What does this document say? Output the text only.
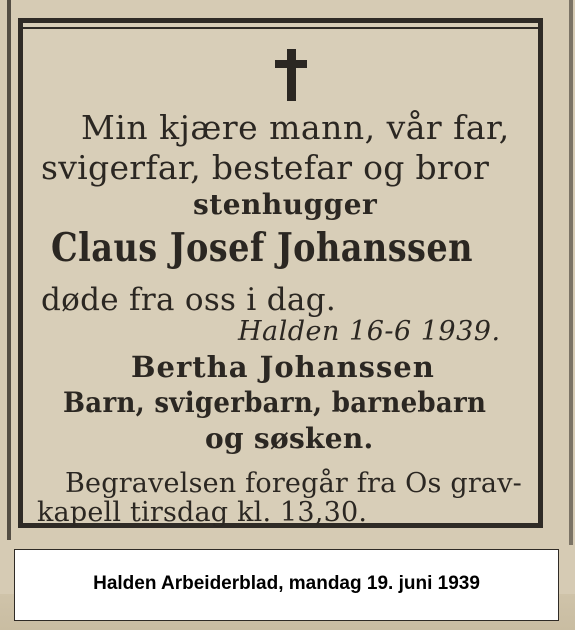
Min kjære mann, vår far,
svigerfar, bestefar og bror
stenhugger
Claus Josef Johanssen
døde fra oss i dag.
Halden 16-6 1939.
Bertha Johanssen
Barn, svigerbarn, barnebarn
og søsken.
Begravelsen foregår fra Os grav-
kapell tirsdag kl. 13,30.
Halden Arbeiderblad, mandag 19. juni 1939
